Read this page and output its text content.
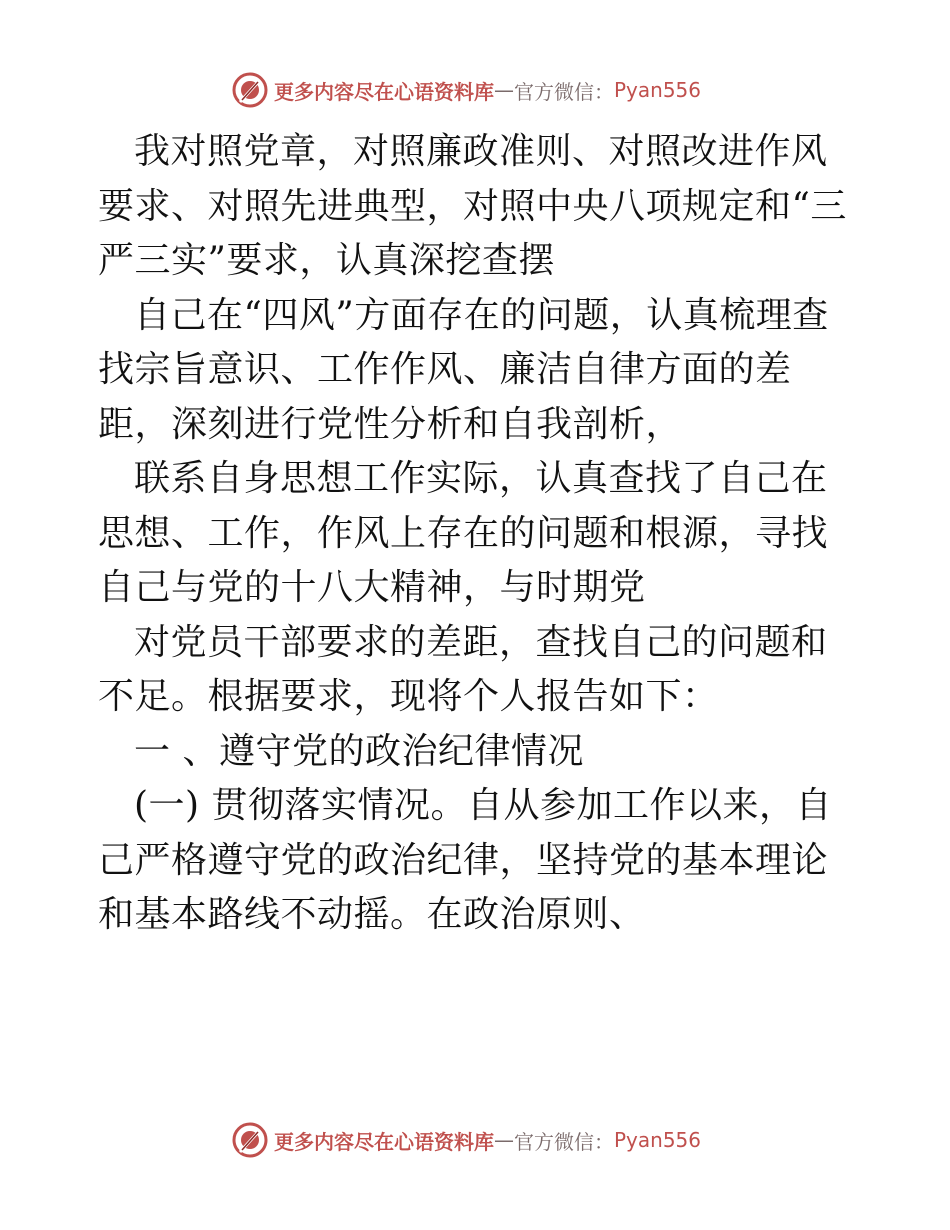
更多内容尽在心语资料库 — 官方微信： Pyan556

我对照党章，对照廉政准则、对照改进作风要求、对照先进典型，对照中央八项规定和“三严三实”要求，认真深挖查摆

自己在“四风”方面存在的问题，认真梳理查找宗旨意识、工作作风、廉洁自律方面的差距，深刻进行党性分析和自我剖析，

联系自身思想工作实际，认真查找了自己在思想、工作，作风上存在的问题和根源，寻找自己与党的十八大精神，与时期党

对党员干部要求的差距，查找自己的问题和不足。根据要求，现将个人报告如下：

一 、遵守党的政治纪律情况

(一) 贯彻落实情况。自从参加工作以来，自己严格遵守党的政治纪律，坚持党的基本理论和基本路线不动摇。在政治原则、

更多内容尽在心语资料库 — 官方微信： Pyan556
